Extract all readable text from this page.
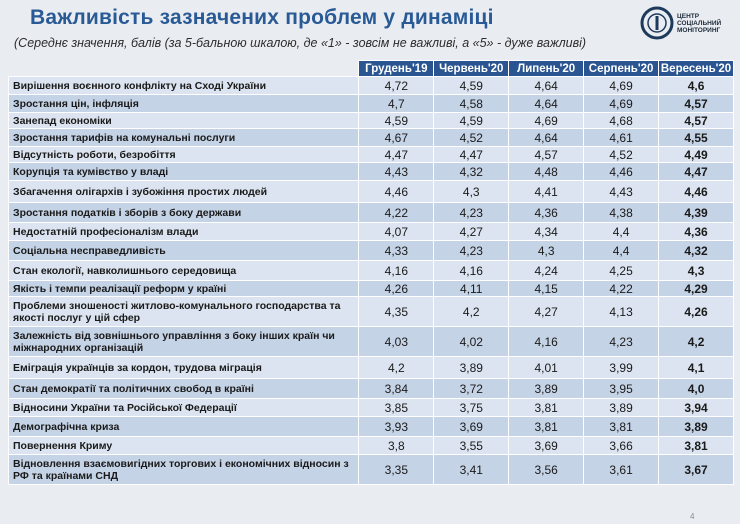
Важливість зазначених проблем у динаміці
(Середнє значення, балів (за 5-бальною шкалою, де «1» - зовсім не важливі, а «5» - дуже важливі)
ЦЕНТР СОЦІАЛЬНИЙ МОНІТОРИНГ
	Грудень'19	Червень'20	Липень'20	Серпень'20	Вересень'20
Вирішення воєнного конфлікту на Сході України	4,72	4,59	4,64	4,69	4,6
Зростання цін, інфляція	4,7	4,58	4,64	4,69	4,57
Занепад економіки	4,59	4,59	4,69	4,68	4,57
Зростання тарифів на комунальні послуги	4,67	4,52	4,64	4,61	4,55
Відсутність роботи, безробіття	4,47	4,47	4,57	4,52	4,49
Корупція та кумівство у владі	4,43	4,32	4,48	4,46	4,47
Збагачення олігархів і зубожіння простих людей	4,46	4,3	4,41	4,43	4,46
Зростання податків і зборів з боку держави	4,22	4,23	4,36	4,38	4,39
Недостатній професіоналізм влади	4,07	4,27	4,34	4,4	4,36
Соціальна несправедливість	4,33	4,23	4,3	4,4	4,32
Стан екології, навколишнього середовища	4,16	4,16	4,24	4,25	4,3
Якість і темпи реалізації реформ у країні	4,26	4,11	4,15	4,22	4,29
Проблеми зношеності житлово-комунального господарства та якості послуг у цій сфер	4,35	4,2	4,27	4,13	4,26
Залежність від зовнішнього управління з боку інших країн чи міжнародних організацій	4,03	4,02	4,16	4,23	4,2
Еміграція українців за кордон, трудова міграція	4,2	3,89	4,01	3,99	4,1
Стан демократії та політичних свобод в країні	3,84	3,72	3,89	3,95	4,0
Відносини України та Російської Федерації	3,85	3,75	3,81	3,89	3,94
Демографічна криза	3,93	3,69	3,81	3,81	3,89
Повернення Криму	3,8	3,55	3,69	3,66	3,81
Відновлення взаємовигідних торгових і економічних відносин з РФ та країнами СНД	3,35	3,41	3,56	3,61	3,67
4
